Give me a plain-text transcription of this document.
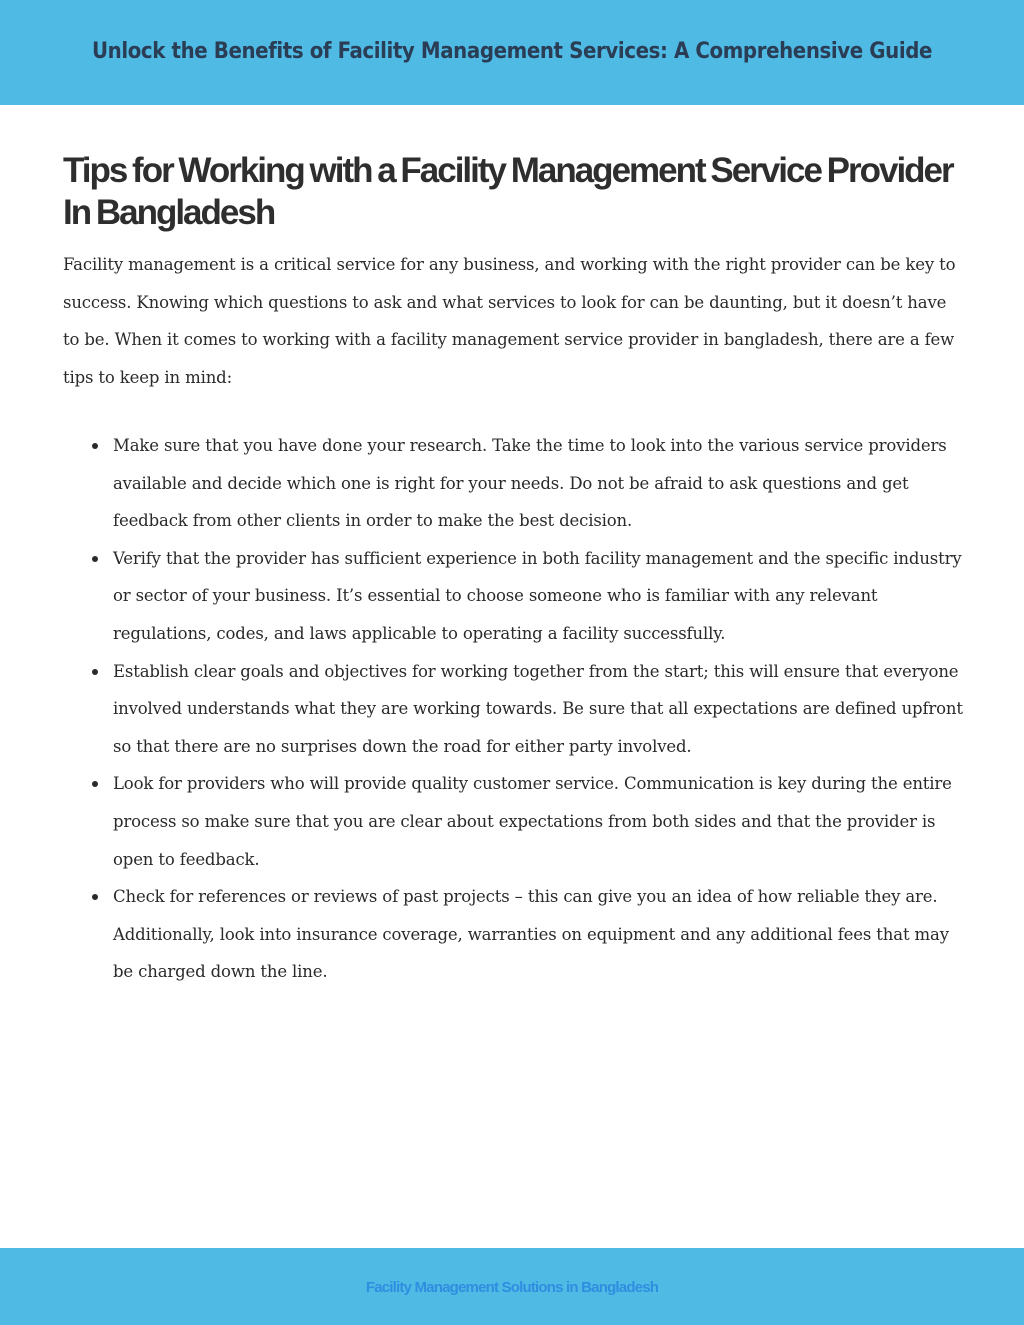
Unlock the Benefits of Facility Management Services: A Comprehensive Guide
Tips for Working with a Facility Management Service Provider In Bangladesh

Facility management is a critical service for any business, and working with the right provider can be key to success. Knowing which questions to ask and what services to look for can be daunting, but it doesn’t have to be. When it comes to working with a facility management service provider in bangladesh, there are a few tips to keep in mind:

Make sure that you have done your research. Take the time to look into the various service providers available and decide which one is right for your needs. Do not be afraid to ask questions and get feedback from other clients in order to make the best decision.
Verify that the provider has sufficient experience in both facility management and the specific industry or sector of your business. It’s essential to choose someone who is familiar with any relevant regulations, codes, and laws applicable to operating a facility successfully.
Establish clear goals and objectives for working together from the start; this will ensure that everyone involved understands what they are working towards. Be sure that all expectations are defined upfront so that there are no surprises down the road for either party involved.
Look for providers who will provide quality customer service. Communication is key during the entire process so make sure that you are clear about expectations from both sides and that the provider is open to feedback.
Check for references or reviews of past projects – this can give you an idea of how reliable they are. Additionally, look into insurance coverage, warranties on equipment and any additional fees that may be charged down the line.
Facility Management Solutions in Bangladesh
